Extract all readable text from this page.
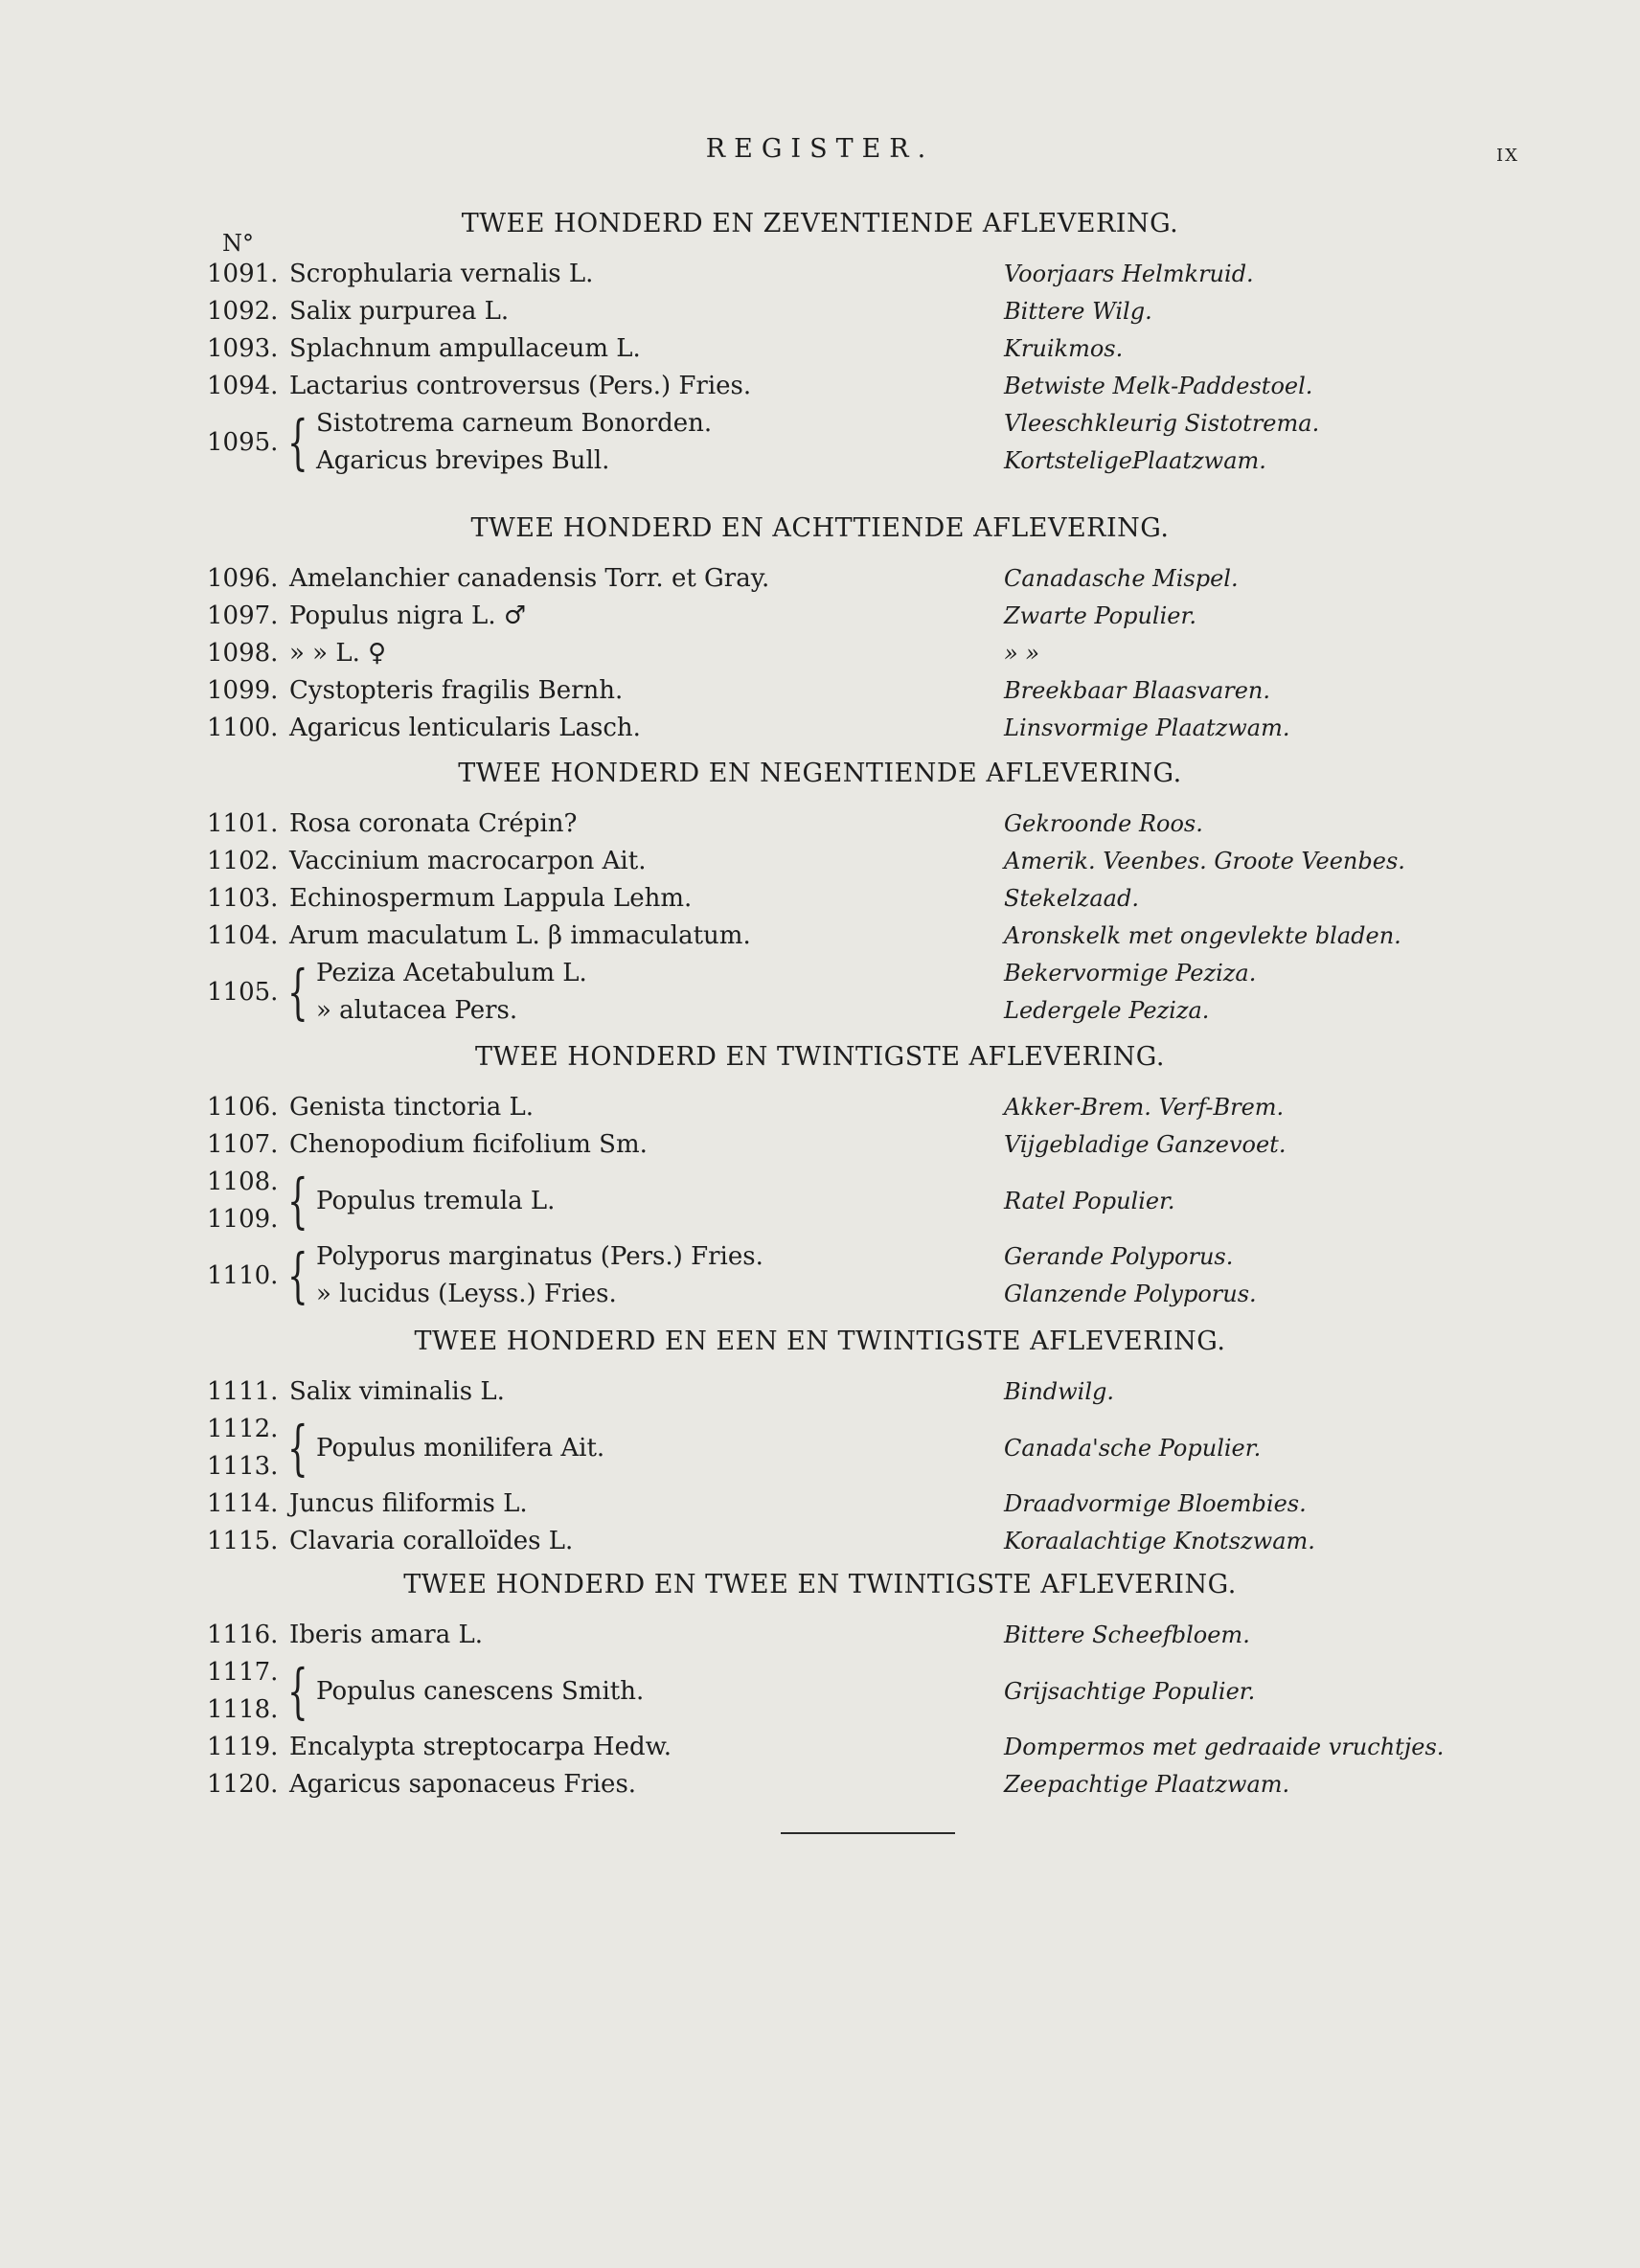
REGISTER.	IX
N°
TWEE HONDERD EN ZEVENTIENDE AFLEVERING.
1091. Scrophularia vernalis L.	Voorjaars Helmkruid.
1092. Salix purpurea L.	Bittere Wilg.
1093. Splachnum ampullaceum L.	Kruikmos.
1094. Lactarius controversus (Pers.) Fries.	Betwiste Melk-Paddestoel.
1095. { Sistotrema carneum Bonorden.	Vleeschkleurig Sistotrema.
Agaricus brevipes Bull.	KortsteligePlaatzwam.
TWEE HONDERD EN ACHTTIENDE AFLEVERING.
1096. Amelanchier canadensis Torr. et Gray.	Canadasche Mispel.
1097. Populus nigra L. ♂	Zwarte Populier.
1098. » » L. ♀	» »
1099. Cystopteris fragilis Bernh.	Breekbaar Blaasvaren.
1100. Agaricus lenticularis Lasch.	Linsvormige Plaatzwam.
TWEE HONDERD EN NEGENTIENDE AFLEVERING.
1101. Rosa coronata Crépin?	Gekroonde Roos.
1102. Vaccinium macrocarpon Ait.	Amerik. Veenbes. Groote Veenbes.
1103. Echinospermum Lappula Lehm.	Stekelzaad.
1104. Arum maculatum L. β immaculatum.	Aronskelk met ongevlekte bladen.
1105. { Peziza Acetabulum L.	Bekervormige Peziza.
» alutacea Pers.	Ledergele Peziza.
TWEE HONDERD EN TWINTIGSTE AFLEVERING.
1106. Genista tinctoria L.	Akker-Brem. Verf-Brem.
1107. Chenopodium ficifolium Sm.	Vijgebladige Ganzevoet.
1108.
1109. { Populus tremula L.	Ratel Populier.
1110. { Polyporus marginatus (Pers.) Fries.	Gerande Polyporus.
» lucidus (Leyss.) Fries.	Glanzende Polyporus.
TWEE HONDERD EN EEN EN TWINTIGSTE AFLEVERING.
1111. Salix viminalis L.	Bindwilg.
1112.
1113. { Populus monilifera Ait.	Canada'sche Populier.
1114. Juncus filiformis L.	Draadvormige Bloembies.
1115. Clavaria coralloïdes L.	Koraalachtige Knotszwam.
TWEE HONDERD EN TWEE EN TWINTIGSTE AFLEVERING.
1116. Iberis amara L.	Bittere Scheefbloem.
1117.
1118. { Populus canescens Smith.	Grijsachtige Populier.
1119. Encalypta streptocarpa Hedw.	Dompermos met gedraaide vruchtjes.
1120. Agaricus saponaceus Fries.	Zeepachtige Plaatzwam.
